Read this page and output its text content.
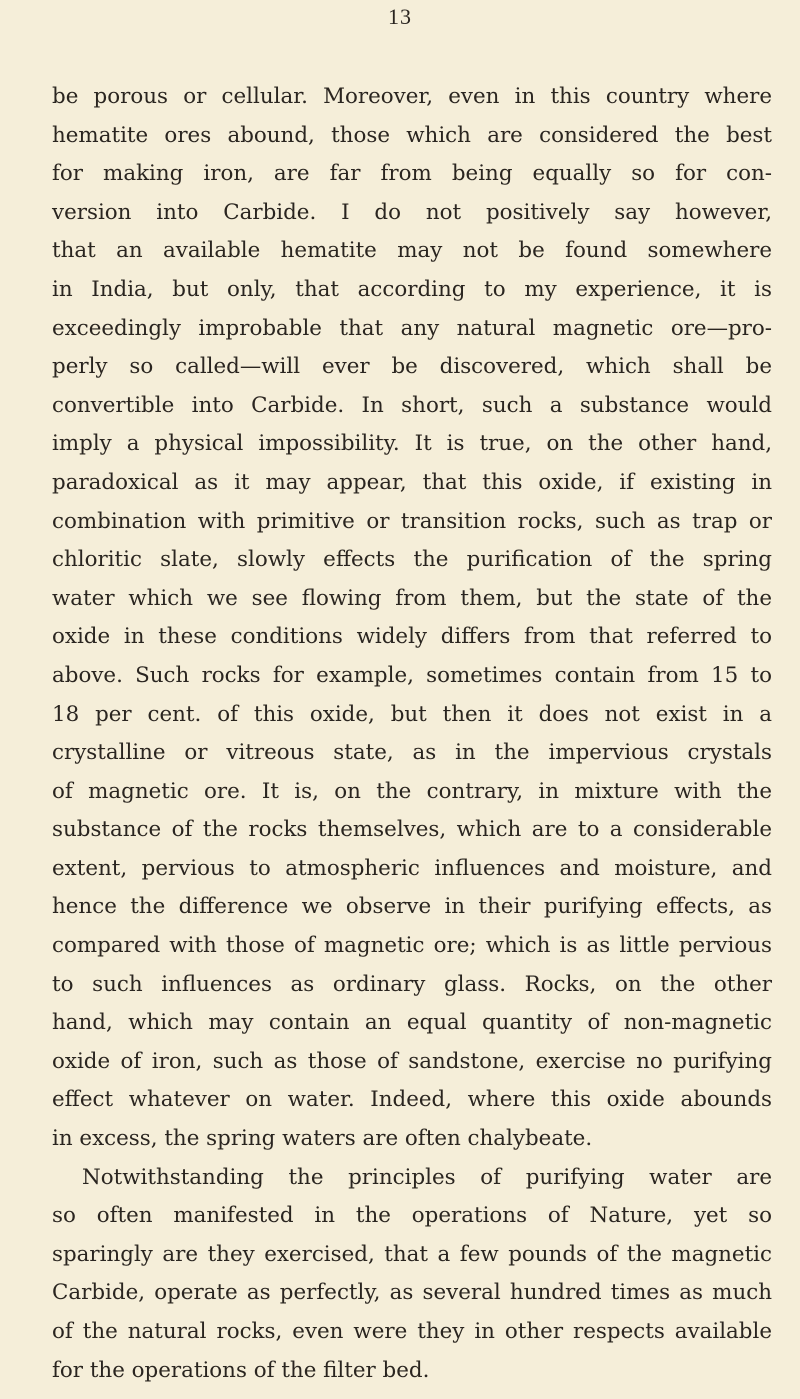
13
be porous or cellular. Moreover, even in this country where
hematite ores abound, those which are considered the best
for making iron, are far from being equally so for con-
version into Carbide. I do not positively say however,
that an available hematite may not be found somewhere
in India, but only, that according to my experience, it is
exceedingly improbable that any natural magnetic ore—pro-
perly so called—will ever be discovered, which shall be
convertible into Carbide. In short, such a substance would
imply a physical impossibility. It is true, on the other hand,
paradoxical as it may appear, that this oxide, if existing in
combination with primitive or transition rocks, such as trap or
chloritic slate, slowly effects the purification of the spring
water which we see flowing from them, but the state of the
oxide in these conditions widely differs from that referred to
above. Such rocks for example, sometimes contain from 15 to
18 per cent. of this oxide, but then it does not exist in a
crystalline or vitreous state, as in the impervious crystals
of magnetic ore. It is, on the contrary, in mixture with the
substance of the rocks themselves, which are to a considerable
extent, pervious to atmospheric influences and moisture, and
hence the difference we observe in their purifying effects, as
compared with those of magnetic ore; which is as little pervious
to such influences as ordinary glass. Rocks, on the other
hand, which may contain an equal quantity of non-magnetic
oxide of iron, such as those of sandstone, exercise no purifying
effect whatever on water. Indeed, where this oxide abounds
in excess, the spring waters are often chalybeate.
Notwithstanding the principles of purifying water are
so often manifested in the operations of Nature, yet so
sparingly are they exercised, that a few pounds of the magnetic
Carbide, operate as perfectly, as several hundred times as much
of the natural rocks, even were they in other respects available
for the operations of the filter bed.
